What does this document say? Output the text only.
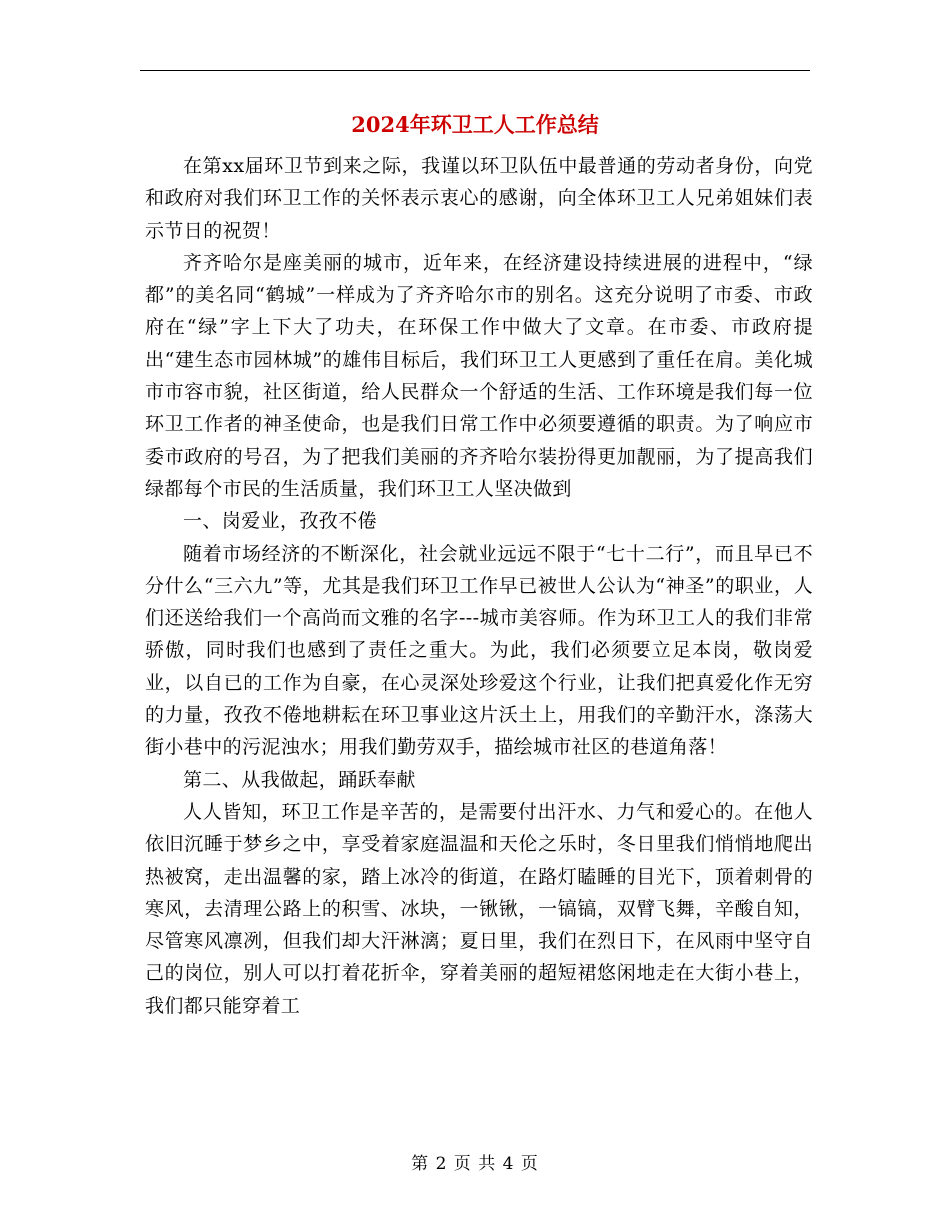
2024年环卫工人工作总结

在第xx届环卫节到来之际，我谨以环卫队伍中最普通的劳动者身份，向党和政府对我们环卫工作的关怀表示衷心的感谢，向全体环卫工人兄弟姐妹们表示节日的祝贺！

齐齐哈尔是座美丽的城市，近年来，在经济建设持续进展的进程中，“绿都”的美名同“鹤城”一样成为了齐齐哈尔市的别名。这充分说明了市委、市政府在“绿”字上下大了功夫，在环保工作中做大了文章。在市委、市政府提出“建生态市园林城”的雄伟目标后，我们环卫工人更感到了重任在肩。美化城市市容市貌，社区街道，给人民群众一个舒适的生活、工作环境是我们每一位环卫工作者的神圣使命，也是我们日常工作中必须要遵循的职责。为了响应市委市政府的号召，为了把我们美丽的齐齐哈尔装扮得更加靓丽，为了提高我们绿都每个市民的生活质量，我们环卫工人坚决做到

一、岗爱业，孜孜不倦

随着市场经济的不断深化，社会就业远远不限于“七十二行”，而且早已不分什么“三六九”等，尤其是我们环卫工作早已被世人公认为“神圣”的职业，人们还送给我们一个高尚而文雅的名字---城市美容师。作为环卫工人的我们非常骄傲，同时我们也感到了责任之重大。为此，我们必须要立足本岗，敬岗爱业，以自已的工作为自豪，在心灵深处珍爱这个行业，让我们把真爱化作无穷的力量，孜孜不倦地耕耘在环卫事业这片沃土上，用我们的辛勤汗水，涤荡大街小巷中的污泥浊水；用我们勤劳双手，描绘城市社区的巷道角落！

第二、从我做起，踊跃奉献

人人皆知，环卫工作是辛苦的，是需要付出汗水、力气和爱心的。在他人依旧沉睡于梦乡之中，享受着家庭温温和天伦之乐时，冬日里我们悄悄地爬出热被窝，走出温馨的家，踏上冰冷的街道，在路灯瞌睡的目光下，顶着刺骨的寒风，去清理公路上的积雪、冰块，一锹锹，一镐镐，双臂飞舞，辛酸自知，尽管寒风凛冽，但我们却大汗淋漓；夏日里，我们在烈日下，在风雨中坚守自己的岗位，别人可以打着花折伞，穿着美丽的超短裙悠闲地走在大街小巷上，我们都只能穿着工

第 2 页 共 4 页
